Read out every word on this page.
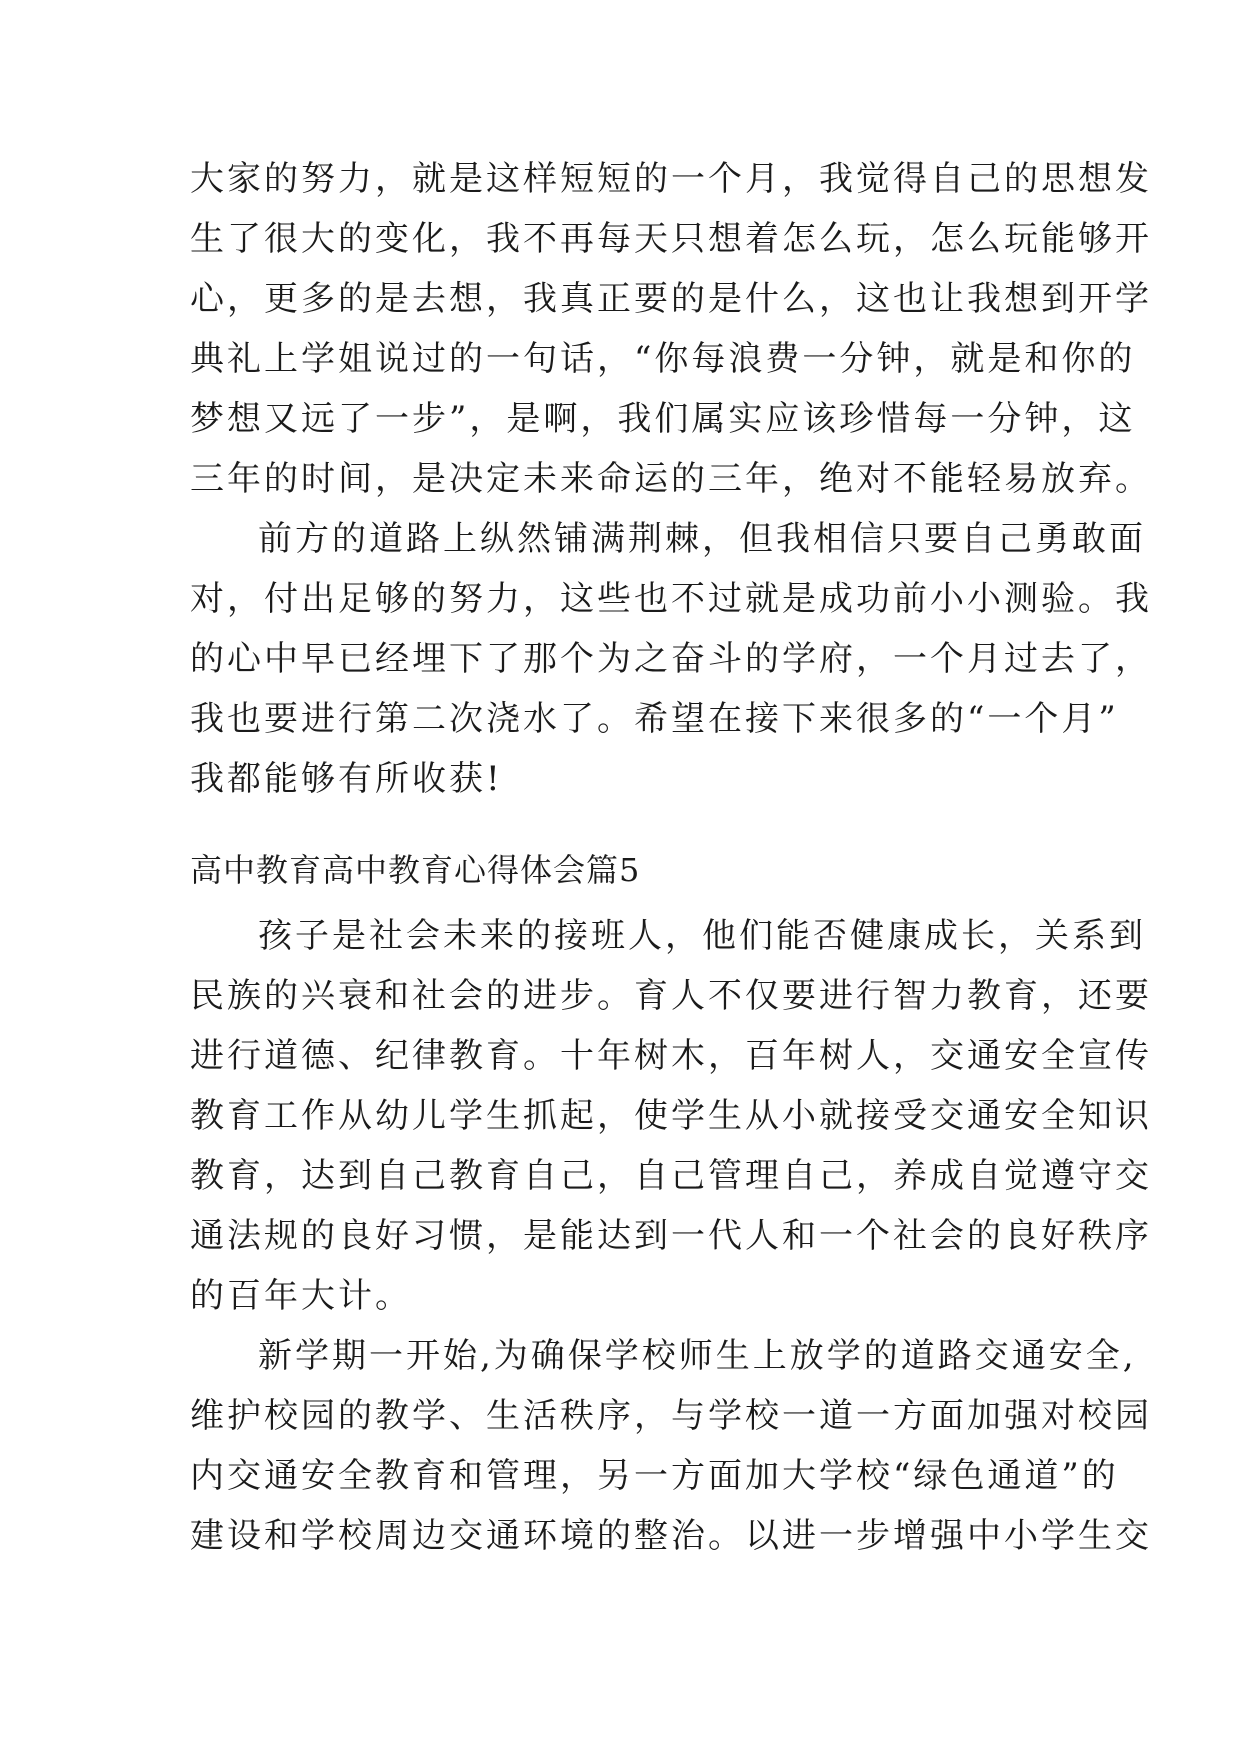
大家的努力，就是这样短短的一个月，我觉得自己的思想发
生了很大的变化，我不再每天只想着怎么玩，怎么玩能够开
心，更多的是去想，我真正要的是什么，这也让我想到开学
典礼上学姐说过的一句话，“你每浪费一分钟，就是和你的
梦想又远了一步”，是啊，我们属实应该珍惜每一分钟，这
三年的时间，是决定未来命运的三年，绝对不能轻易放弃。
前方的道路上纵然铺满荆棘，但我相信只要自己勇敢面
对，付出足够的努力，这些也不过就是成功前小小测验。我
的心中早已经埋下了那个为之奋斗的学府，一个月过去了，
我也要进行第二次浇水了。希望在接下来很多的“一个月”
我都能够有所收获!
高中教育高中教育心得体会篇5
孩子是社会未来的接班人，他们能否健康成长，关系到
民族的兴衰和社会的进步。育人不仅要进行智力教育，还要
进行道德、纪律教育。十年树木，百年树人，交通安全宣传
教育工作从幼儿学生抓起，使学生从小就接受交通安全知识
教育，达到自己教育自己，自己管理自己，养成自觉遵守交
通法规的良好习惯，是能达到一代人和一个社会的良好秩序
的百年大计。
新学期一开始,为确保学校师生上放学的道路交通安全,
维护校园的教学、生活秩序，与学校一道一方面加强对校园
内交通安全教育和管理，另一方面加大学校“绿色通道”的
建设和学校周边交通环境的整治。以进一步增强中小学生交
